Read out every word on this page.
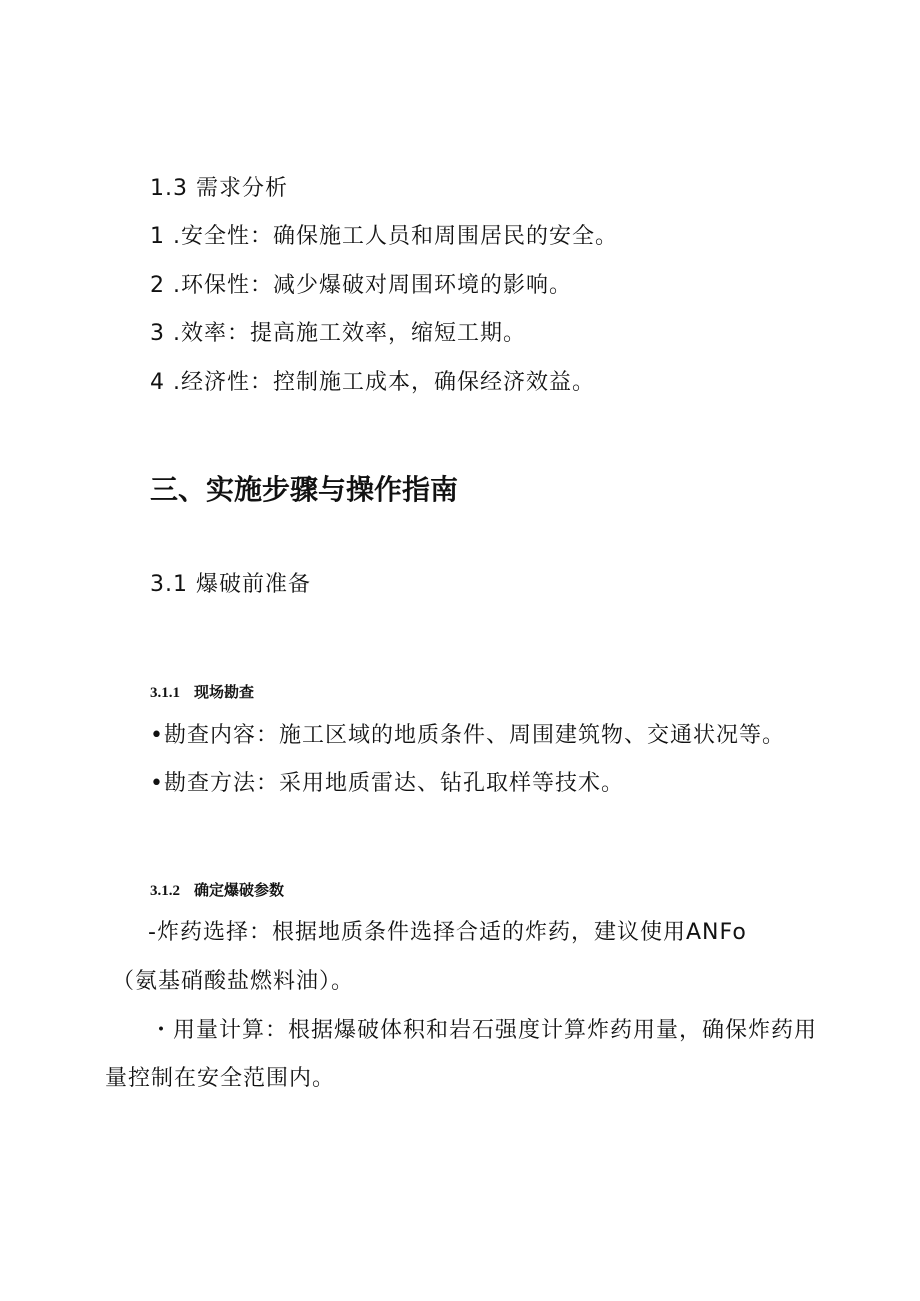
1.3 需求分析
1 .安全性：确保施工人员和周围居民的安全。
2 .环保性：减少爆破对周围环境的影响。
3 .效率：提高施工效率，缩短工期。
4 .经济性：控制施工成本，确保经济效益。
三、实施步骤与操作指南
3.1 爆破前准备
3.1.1 现场勘查
•勘查内容：施工区域的地质条件、周围建筑物、交通状况等。
•勘查方法：采用地质雷达、钻孔取样等技术。
3.1.2 确定爆破参数
-炸药选择：根据地质条件选择合适的炸药，建议使用ANFo
（氨基硝酸盐燃料油）。
・用量计算：根据爆破体积和岩石强度计算炸药用量，确保炸药用
量控制在安全范围内。
